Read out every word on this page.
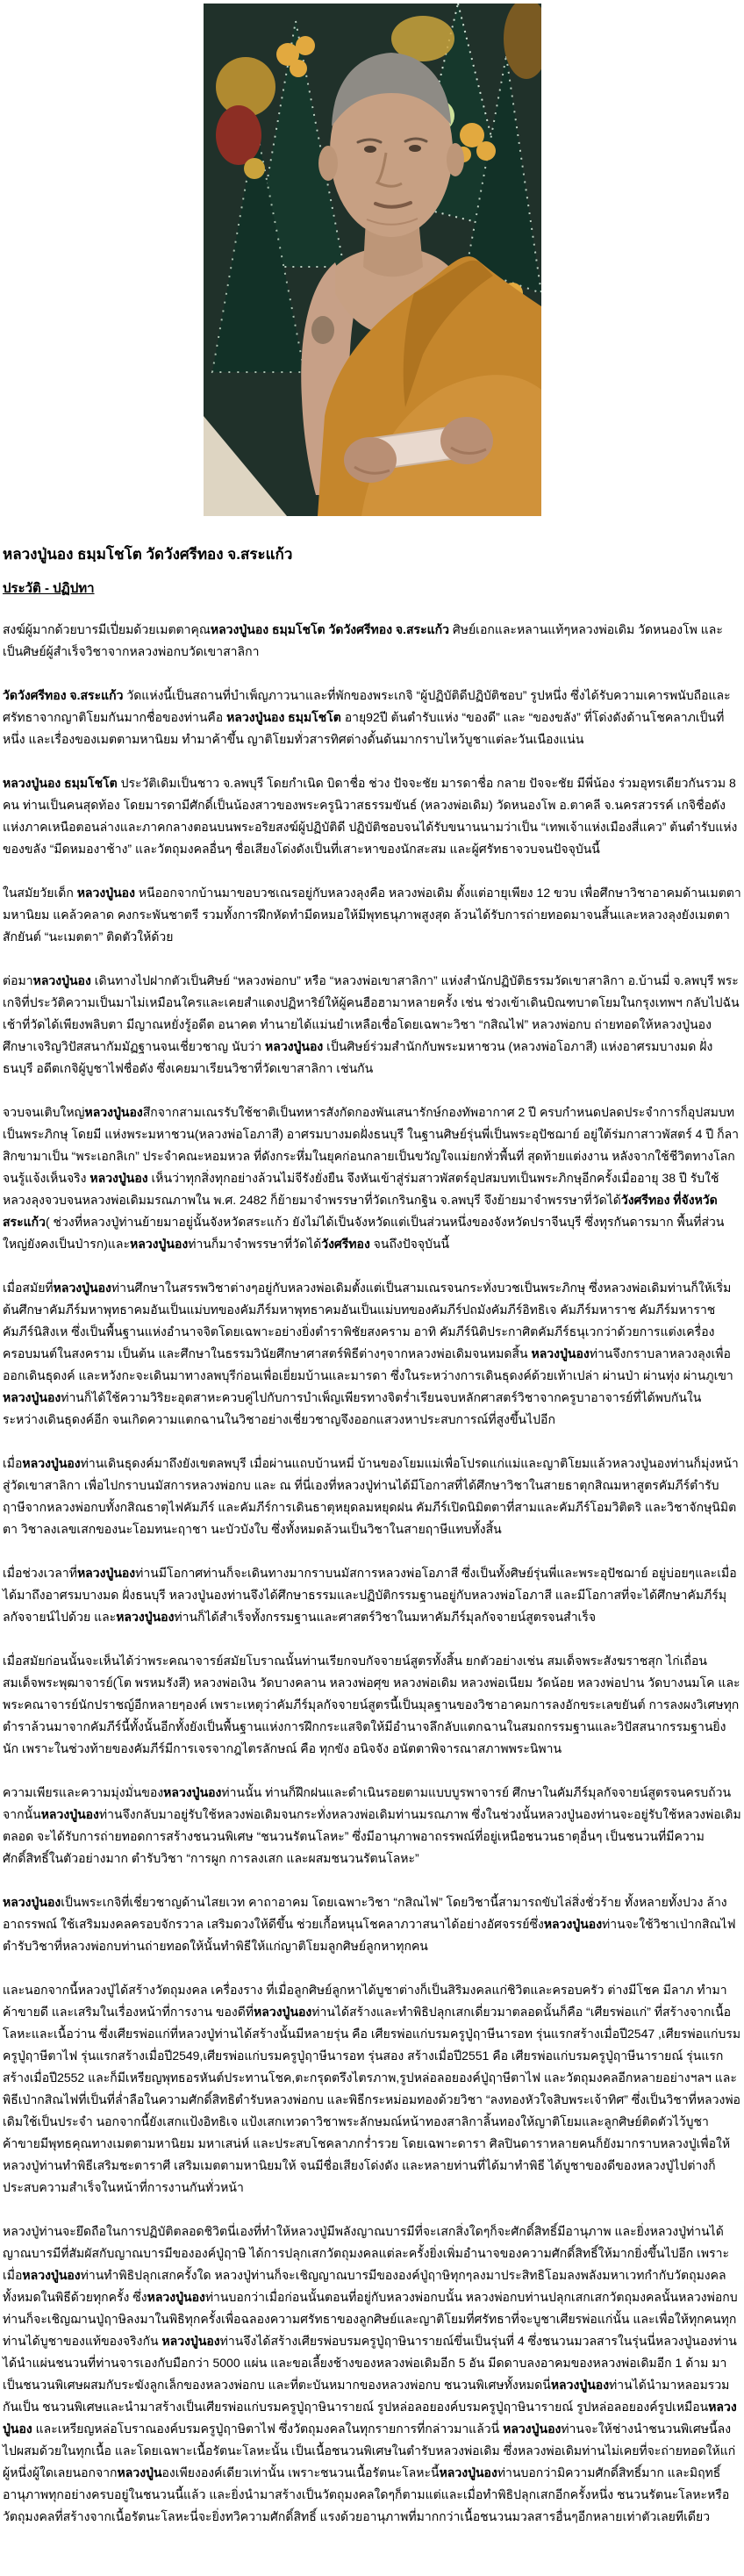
หลวงปู่นอง ธมฺมโชโต วัดวังศรีทอง จ.สระแก้ว
ประวัติ - ปฏิปทา

สงฆ์ผู้มากด้วยบารมีเปี่ยมด้วยเมตตาคุณหลวงปู่นอง ธมฺมโชโต วัดวังศรีทอง จ.สระแก้ว ศิษย์เอกและหลานแท้ๆหลวงพ่อเดิม วัดหนองโพ และเป็นศิษย์ผู้สำเร็จวิชาจากหลวงพ่อกบวัดเขาสาลิกา

วัดวังศรีทอง จ.สระแก้ว วัดแห่งนี้เป็นสถานที่บำเพ็ญภาวนาและที่พักของพระเกจิ “ผู้ปฏิบัติดีปฏิบัติชอบ” รูปหนึ่ง ซึ่งได้รับความเคารพนับถือและศรัทธาจากญาติโยมกันมากชื่อของท่านคือ หลวงปู่นอง ธมฺมโชโต อายุ92ปี ต้นตำรับแห่ง “ของดี” และ “ของขลัง” ที่โด่งดังด้านโชคลาภเป็นที่หนึ่ง และเรื่องของเมตตามหานิยม ทำมาค้าขึ้น ญาติโยมทั่วสารทิศต่างดั้นด้นมากราบไหว้บูชาแต่ละวันเนืองแน่น

หลวงปู่นอง ธมฺมโชโต ประวัติเดิมเป็นชาว จ.ลพบุรี โดยกำเนิด บิดาชื่อ ช่วง ปัจจะชัย มารดาชื่อ กลาย ปัจจะชัย มีพี่น้อง ร่วมอุทรเดียวกันรวม 8 คน ท่านเป็นคนสุดท้อง โดยมารดามีศักดิ์เป็นน้องสาวของพระครูนิวาสธรรมขันธ์ (หลวงพ่อเดิม) วัดหนองโพ อ.ตาคลี จ.นครสวรรค์ เกจิชื่อดังแห่งภาคเหนือตอนล่างและภาคกลางตอนบนพระอริยสงฆ์ผู้ปฏิบัติดี ปฏิบัติชอบจนได้รับขนานนามว่าเป็น “เทพเจ้าแห่งเมืองสี่แคว” ต้นตำรับแห่งของขลัง “มีดหมองาช้าง” และวัตถุมงคลอื่นๆ ชื่อเสียงโด่งดังเป็นที่เสาะหาของนักสะสม และผู้ศรัทธาจวบจนปัจจุบันนี้

ในสมัยวัยเด็ก หลวงปู่นอง หนีออกจากบ้านมาขอบวชเณรอยู่กับหลวงลุงคือ หลวงพ่อเดิม ตั้งแต่อายุเพียง 12 ขวบ เพื่อศึกษาวิชาอาคมด้านเมตตามหานิยม แคล้วคลาด คงกระพันชาตรี รวมทั้งการฝึกหัดทำมีดหมอให้มีพุทธนุภาพสูงสุด ล้วนได้รับการถ่ายทอดมาจนสิ้นและหลวงลุงยังเมตตาสักยันต์ “นะเมตตา” ติดตัวให้ด้วย

ต่อมาหลวงปู่นอง เดินทางไปฝากตัวเป็นศิษย์ “หลวงพ่อกบ” หรือ “หลวงพ่อเขาสาลิกา” แห่งสำนักปฏิบัติธรรมวัดเขาสาลิกา อ.บ้านมี่ จ.ลพบุรี พระเกจิที่ประวัติความเป็นมาไม่เหมือนใครและเคยสำแดงปฏิหาริย์ให้ผู้คนฮือฮามาหลายครั้ง เช่น ช่วงเข้าเดินบิณฑบาตโยมในกรุงเทพฯ กลับไปฉันเช้าที่วัดได้เพียงพลิบตา มีญาณหยั่งรู้อดีต อนาคต ทำนายได้แม่นยำเหลือเชื่อโดยเฉพาะวิชา “กสิณไฟ” หลวงพ่อกบ ถ่ายทอดให้หลวงปู่นองศึกษาเจริญวิปัสสนากัมมัฏฐานจนเชี่ยวชาญ นับว่า หลวงปู่นอง เป็นศิษย์ร่วมสำนักกับพระมหาชวน (หลวงพ่อโอภาสี) แห่งอาศรมบางมด ฝั่งธนบุรี อดีตเกจิผู้บูชาไฟชื่อดัง ซึ่งเคยมาเรียนวิชาที่วัดเขาสาลิกา เช่นกัน

จวบจนเติบใหญ่หลวงปู่นองสึกจากสามเณรรับใช้ชาติเป็นทหารสังกัดกองพันเสนารักษ์กองทัพอากาศ 2 ปี ครบกำหนดปลดประจำการก็อุปสมบทเป็นพระภิกษุ โดยมี แห่งพระมหาชวน(หลวงพ่อโอภาสี) อาศรมบางมดฝั่งธนบุรี ในฐานศิษย์รุ่นพี่เป็นพระอุปัชฌาย์ อยู่ใต้ร่มกาสาวพัสตร์ 4 ปี ก็ลาสิกขามาเป็น “พระเอกลิเก” ประจำคณะหอมหวล ที่ดังกระหึ่มในยุคก่อนกลายเป็นขวัญใจแม่ยกทั่วพื้นที่ สุดท้ายแต่งงาน หลังจากใช้ชีวิตทางโลกจนรู้แจ้งเห็นจริง หลวงปู่นอง เห็นว่าทุกสิ่งทุกอย่างล้วนไม่จีรังยั่งยืน จึงหันเข้าสู่ร่มสาวพัสตร์อุปสมบทเป็นพระภิกษุอีกครั้งเมื่ออายุ 38 ปี รับใช้หลวงลุงจวบจนหลวงพ่อเดิมมรณภาพใน พ.ศ. 2482 ก็ย้ายมาจำพรรษาที่วัดเกรินกฐิน จ.ลพบุรี จึงย้ายมาจำพรรษาที่วัดได้วังศรีทอง ที่จังหวัดสระแก้ว( ช่วงที่หลวงปู่ท่านย้ายมาอยู่นั้นจังหวัดสระแก้ว ยังไม่ได้เป็นจังหวัดแต่เป็นส่วนหนึ่งของจังหวัดปราจีนบุรี ซึ่งทุรกันดารมาก พื้นที่ส่วนใหญ่ยังคงเป็นป่ารก)และหลวงปู่นองท่านก็มาจำพรรษาที่วัดได้วังศรีทอง จนถึงปัจจุบันนี้

เมื่อสมัยที่หลวงปู่นองท่านศึกษาในสรรพวิชาต่างๆอยู่กับหลวงพ่อเดิมตั้งแต่เป็นสามเณรจนกระทั่งบวชเป็นพระภิกษุ ซึ่งหลวงพ่อเดิมท่านก็ให้เริ่มต้นศึกษาคัมภีร์มหาพุทธาคมอันเป็นแม่บทของคัมภีร์มหาพุทธาคมอันเป็นแม่บทของคัมภีร์ปถมังคัมภีร์อิทธิเจ คัมภีร์มหาราช คัมภีร์มหาราช คัมภีร์นิสิงเห ซึ่งเป็นพื้นฐานแห่งอำนาจจิตโดยเฉพาะอย่างยิ่งตำราพิชัยสงคราม อาทิ คัมภีร์นิติประกาศิตคัมภีร์ธนุเวกว่าด้วยการแต่งเครื่องครอบมนต์ในสงคราม เป็นต้น และศึกษาในธรรมวินัยศึกษาศาสตร์พิธีต่างๆจากหลวงพ่อเดิมจนหมดสิ้น หลวงปู่นองท่านจึงกราบลาหลวงลุงเพื่อออกเดินธุดงค์ และหวังกะจะเดินมาทางลพบุรีก่อนเพื่อเยี่ยมบ้านและมารดา ซึ่งในระหว่างการเดินธุดงค์ด้วยเท้าเปล่า ผ่านป่า ผ่านทุ่ง ผ่านภูเขา หลวงปู่นองท่านก็ได้ใช้ความวิริยะอุตสาหะควบคู่ไปกับการบำเพ็ญเพียรทางจิตร่ำเรียนจบหลักศาสตร์วิชาจากครูบาอาจารย์ที่ได้พบกันในระหว่างเดินธุดงค์อีก จนเกิดความแตกฉานในวิชาอย่างเชี่ยวชาญจึงออกแสวงหาประสบการณ์ที่สูงขึ้นไปอีก

เมื่อหลวงปู่นองท่านเดินธุดงค์มาถึงยังเขตลพบุรี เมื่อผ่านแถบบ้านหมี่ บ้านของโยมแม่เพื่อโปรดแก่แม่และญาติโยมแล้วหลวงปู่นองท่านก็มุ่งหน้าสู่วัดเขาสาลิกา เพื่อไปกราบนมัสการหลวงพ่อกบ และ ณ ที่นี่เองที่หลวงปู่ท่านได้มีโอกาสที่ได้ศึกษาวิชาในสายธาตุกสิณมหาสูตรคัมภีร์ตำรับฤาษีจากหลวงพ่อกบทั้งกสิณธาตุไฟคัมภีร์ และคัมภีร์การเดินธาตุหยุดลมหยุดฝน คัมภีร์เปิดนิมิตตาที่สามและคัมภีร์โอมวิติตริ และวิชาจักษุนิมิตตา วิชาลงเลขเสกของนะโอมทนะฤาชา นะบัวบังใบ ซึ่งทั้งหมดล้วนเป็นวิชาในสายฤาษีแทบทั้งสิ้น

เมื่อช่วงเวลาที่หลวงปู่นองท่านมีโอกาศท่านก็จะเดินทางมากราบนมัสการหลวงพ่อโอภาสี ซึ่งเป็นทั้งศิษย์รุ่นพี่และพระอุปัชฌาย์ อยู่บ่อยๆและเมื่อได้มาถึงอาศรมบางมด ฝั่งธนบุรี หลวงปู่นองท่านจึงได้ศึกษาธรรมและปฏิบัติกรรมฐานอยู่กับหลวงพ่อโอภาสี และมีโอกาสที่จะได้ศึกษาคัมภีร์มุลกัจจายน์ไปด้วย และหลวงปู่นองท่านก็ได้สำเร็จทั้งกรรมฐานและศาสตร์วิชาในมหาคัมภีร์มุลกัจจายน์สูตรจนสำเร็จ

เมื่อสมัยก่อนนั้นจะเห็นได้ว่าพระคณาจารย์สมัยโบราณนั้นท่านเรียกจบกัจจายน์สูตรทั้งสิ้น ยกตัวอย่างเช่น สมเด็จพระสังฆราชสุก ไก่เถื่อน สมเด็จพระพุฒาจารย์(โต พรหมรังสี) หลวงพ่อเงิน วัดบางคลาน หลวงพ่อศุข หลวงพ่อเดิม หลวงพ่อเนียม วัดน้อย หลวงพ่อปาน วัดบางนมโค และพระคณาจารย์นักปราชญ์อีกหลายๆองค์ เพราะเหตุว่าคัมภีร์มุลกัจจายน์สูตรนี้เป็นมุลฐานของวิชาอาคมการลงอักขระเลขยันต์ การลงผงวิเศษทุกตำราล้วนมาจากคัมภีร์นี้ทั้งนั้นอีกทั้งยังเป็นพื้นฐานแห่งการฝึกกระแสจิตให้มีอำนาจลึกลับแตกฉานในสมถกรรมฐานและวิปัสสนากรรมฐานยิ่งนัก เพราะในช่วงท้ายของคัมภีร์มีการเจรจากฎไตรลักษณ์ คือ ทุกขัง อนิจจัง อนัตตาพิจารณาสภาพพระนิพาน

ความเพียรและความมุ่งมั่นของหลวงปู่นองท่านนั้น ท่านก็ฝึกฝนและดำเนินรอยตามแบบบูรพาจารย์ ศึกษาในคัมภีร์มุลกัจจายน์สูตรจนครบถ้วน จากนั้นหลวงปู่นองท่านจึงกลับมาอยู่รับใช้หลวงพ่อเดิมจนกระทั่งหลวงพ่อเดิมท่านมรณภาพ ซึ่งในช่วงนั้นหลวงปู่นองท่านจะอยู่รับใช้หลวงพ่อเดิมตลอด จะได้รับการถ่ายทอดการสร้างชนวนพิเศษ “ชนวนรัตนโลหะ” ซึ่งมีอานุภาพอาถรรพณ์ที่อยู่เหนือชนวนธาตุอื่นๆ เป็นชนวนที่มีความศักดิ์สิทธิ์ในตัวอย่างมาก ตำรับวิชา “การผูก การลงเสก และผสมชนวนรัตนโลหะ”

หลวงปู่นองเป็นพระเกจิที่เชี่ยวชาญด้านไสยเวท คาถาอาคม โดยเฉพาะวิชา “กสิณไฟ” โดยวิชานี้สามารถขับไล่สิ่งชั่วร้าย ทั้งหลายทั้งปวง ล้างอาถรรพณ์ ใช้เสริมมงคลครอบจักรวาล เสริมดวงให้ดีขึ้น ช่วยเกื้อหนุนโชคลาภวาสนาได้อย่างอัศจรรย์ซึ่งหลวงปู่นองท่านจะใช้วิชาเป่ากสิณไฟ ตำรับวิชาที่หลวงพ่อกบท่านถ่ายทอดให้นั้นทำพิธีให้แก่ญาติโยมลูกศิษย์ลูกหาทุกคน

และนอกจากนี้หลวงปู่ได้สร้างวัตถุมงคล เครื่องราง ที่เมื่อลูกศิษย์ลูกหาได้บูชาต่างก็เป็นสิริมงคลแก่ชิวิตและครอบครัว ต่างมีโชค มีลาภ ทำมาค้าขายดี และเสริมในเรื่องหน้าที่การงาน ของดีที่หลวงปู่นองท่านได้สร้างและทำพิธิปลุกเสกเดี่ยวมาตลอดนั้นก็คือ “เศียรพ่อแก่” ที่สร้างจากเนื้อโลหะและเนื้อว่าน ซึ่งเศียรพ่อแก่ที่หลวงปู่ท่านได้สร้างนั้นมีหลายรุ่น คือ เศียรพ่อแก่บรมครูปู่ฤาษีนารอท รุ่นแรกสร้างเมื่อปี2547 ,เศียรพ่อแก่บรมครูปู่ฤาษีตาไฟ รุ่นแรกสร้างเมื่อปี2549,เศียรพ่อแก่บรมครูปู่ฤาษีนารอท รุ่นสอง สร้างเมื่อปี2551 คือ เศียรพ่อแก่บรมครูปู่ฤาษีนารายณ์ รุ่นแรกสร้างเมื่อปี2552 และก็มีเหรียญพุทธอรหันต์ประทานโชค,ตะกรุดตรึงไตรภาพ,รูปหล่อลอยองค์ปู่ฤาษีตาไฟ และวัตถุมงคลอีกหลายอย่างฯลฯ และพิธีเป่ากสิณไฟที่เป็นที่ล่ำลือในความศักดิ์สิทธิตำรับหลวงพ่อกบ และพิธีกระหม่อมทองด้วยวิชา “ลงทองหัวใจสิบพระเจ้าทิศ” ซึ่งเป็นวิชาที่หลวงพ่อเดิมใช้เป็นประจำ นอกจากนี้ยังเสกแป้งอิทธิเจ แป้งเสกเทวดาวิชาพระลักษมณ์หน้าทองสาลิกาลิ้นทองให้ญาติโยมและลูกศิษย์ติดตัวไว้บูชาค้าขายมีพุทธคุณทางเมตตามหานิยม มหาเสน่ห์ และประสบโชคลาภกร่ำรวย โดยเฉพาะดารา ศิลปินดาราหลายคนก็ยังมากราบหลวงปู่เพื่อให้หลวงปู่ท่านทำพิธีเสริมชะตาราศี เสริมเมตตามหานิยมให้ จนมีชื่อเสียงโด่งดัง และหลายท่านที่ได้มาทำพิธี ได้บูชาของดีของหลวงปู่ไปต่างก็ประสบความสำเร็จในหน้าที่การงานกันทั่วหน้า

หลวงปู่ท่านจะยึดถือในการปฏิบัติตลอดชิวิตนี่เองที่ทำให้หลวงปู่มีพลังญาณบารมีที่จะเสกสิ่งใดๆก็จะศักดิ์สิทธิ์มีอานุภาพ และยิ่งหลวงปู่ท่านได้ญาณบารมีที่สัมผัสกับญาณบารมีขององค์ปู่ฤาษิ ได้การปลุกเสกวัตถุมงคลแต่ละครั้งยิ่งเพิ่มอำนาจของความศักดิ์สิทธิ์ให้มากยิ่งขึ้นไปอีก เพราะเมื่อหลวงปู่นองท่านทำพิธิปลุกเสกครั้งใด หลวงปู่ท่านก็จะเชิญญาณบารมีขององค์ปู่ฤาษิทุกๆลงมาประสิทธิโอมลงพลังมหาเวทกำกับวัตถุมงคลทั้งหมดในพิธีด้วยทุกครั้ง ซึ่งหลวงปู่นองท่านบอกว่าเมื่อก่อนนั้นตอนที่อยู่กับหลวงพ่อกบนั้น หลวงพ่อกบท่านปลุกเสกเสกวัตถุมงคลนั้นหลวงพ่อกบท่านก็จะเชิญฌานปู่ฤาษิลงมาในพิธิทุกครั้งเพื่อฉลองความศรัทธาของลูกศิษย์และญาติโยมที่ศรัทธาที่จะบูชาเศียรพ่อแก่นั้น และเพื่อให้ทุกคนทุกท่านได้บูชาของแท้ของจริงกัน หลวงปู่นองท่านจึงได้สร้างเศียรพ่อบรมครูปู่ฤาษินารายณ์ขึ่นเป็นรุ่นที่ 4 ซึ่งชนวนมวลสารในรุ่นนี่หลวงปู่นองท่านได้นำแผ่นชนวนที่ท่านจารเองกับมือกว่า 5000 แผ่น และขอเลี้ยงช้างของหลวงพ่อเดิมอีก 5 อัน มีดดาบลงอาคมของหลวงพ่อเดิมอีก 1 ด้าม มาเป็นชนวนพิเศษผสมกับระฆังลูกเล็กของหลวงพ่อกบ และที่ตะบันหมากของหลวงพ่อกบ ชนวนพิเศษทั้งหมดนี่หลวงปู่นองท่านได้นำมาหลอมรวมกันเป็น ชนวนพิเศษและนำมาสร้างเป็นเศียรพ่อแก่บรมครูปู่ฤาษินารายณ์ รูปหล่อลอยองค์บรมครูปู่ฤาษินารายณ์ รูปหล่อลอยองค์รูปเหมือนหลวงปู่นอง และเหรียญหล่อโบราณองค์บรมครูปู่ฤาษิตาไฟ ซึ่งวัตถุมงคลในทุกรายการที่กล่าวมาแล้วนี่ หลวงปู่นองท่านจะให้ช่างนำชนวนพิเศษนี้ลงไปผสมด้วยในทุกเนื้อ และโดยเฉพาะเนื้อรัตนะโลหะนั้น เป็นเนื้อชนวนพิเศษในตำรับหลวงพ่อเดิม ซึ่งหลวงพ่อเดิมท่านไม่เคยที่จะถ่ายทอดให้แก่ผู้หนึ่งผู้ใดเลยนอกจากหลวงปู่นองเพียงองค์เดียวเท่านั้น เพราะชนวนเนื้อรัตนะโลหะนี้หลวงปู่นองท่านบอกว่ามิความศักดิ์สิทธิ์มาก และมิฤทธิ์อานุภาพทุกอย่างครบอยู่ในชนวนนี้แล้ว และยิ่งนำมาสร้างเป็นวัตถุมงคลใดๆก็ตามแต่และเมื่อทำพิธิปลุกเสกอีกครั้งหนึ่ง ชนวนรัตนะโลหะหรือวัตถุมงคลที่สร้างจากเนื้อรัตนะโลหะนี่จะยิ่งทวิความศักดิ์สิทธิ์ แรงด้วยอานุภาพที่มากกว่าเนื้อชนวนมวลสารอื่นๆอีกหลายเท่าตัวเลยทีเดียว
